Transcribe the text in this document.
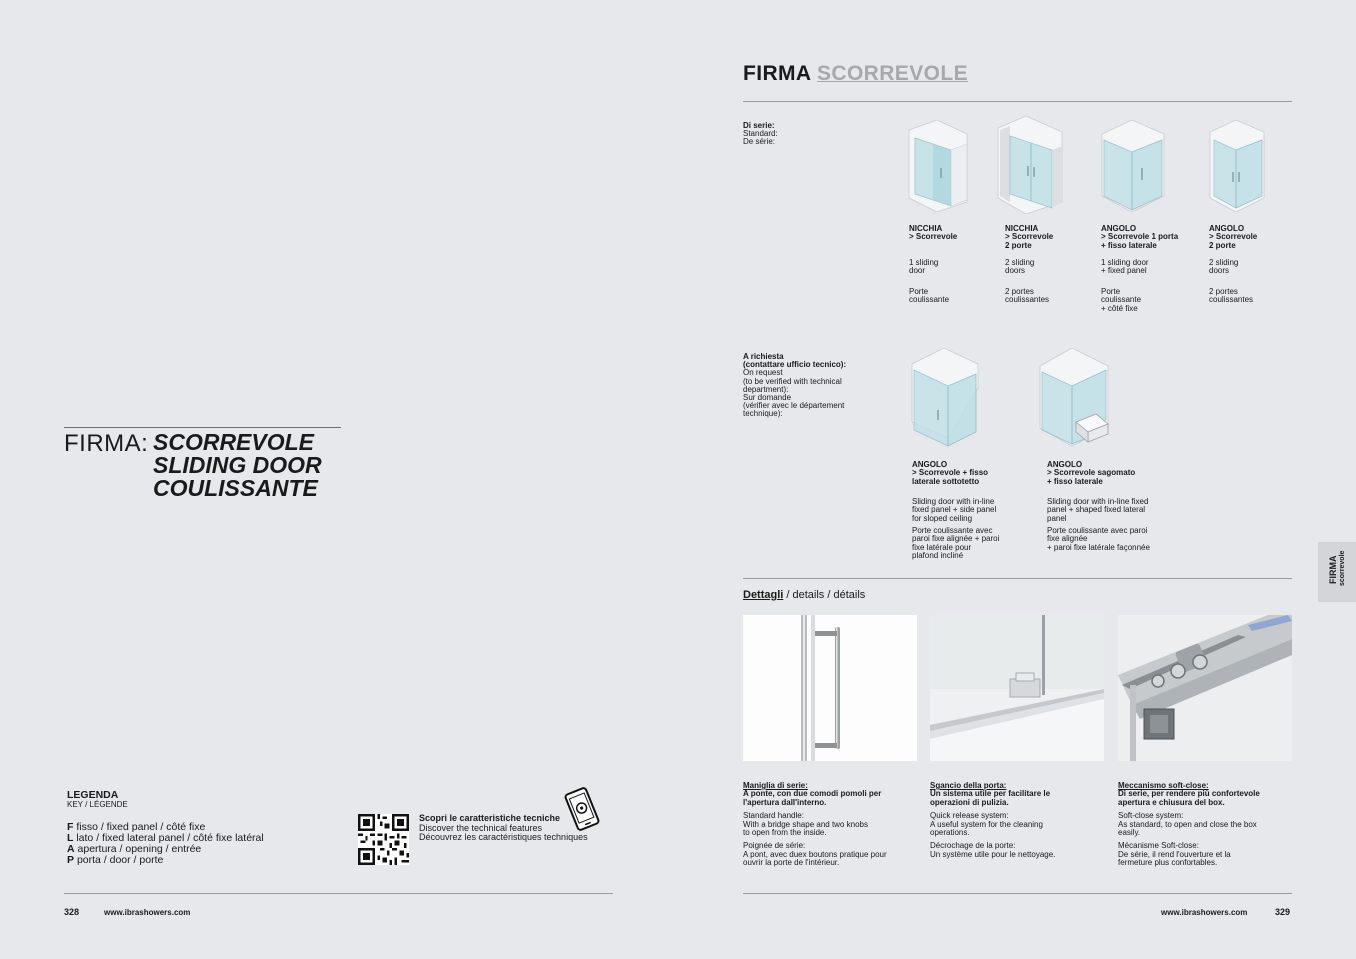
FIRMA: SCORREVOLE
SLIDING DOOR
COULISSANTE
LEGENDA
KEY / LÉGENDE
F fisso / fixed panel / côté fixe
L lato / fixed lateral panel / côté fixe latéral
A apertura / opening / entrée
P porta / door / porte
Scopri le caratteristiche tecniche
Discover the technical features
Découvrez les caractéristiques techniques
328	www.ibrashowers.com
FIRMA SCORREVOLE
Di serie:
Standard:
De série:
NICCHIA
> Scorrevole
1 sliding
door
Porte
coulissante
NICCHIA
> Scorrevole
2 porte
2 sliding
doors
2 portes
coulissantes
ANGOLO
> Scorrevole 1 porta
+ fisso laterale
1 sliding door
+ fixed panel
Porte
coulissante
+ côté fixe
ANGOLO
> Scorrevole
2 porte
2 sliding
doors
2 portes
coulissantes
A richiesta
(contattare ufficio tecnico):
On request
(to be verified with technical
department):
Sur domande
(vérifier avec le département
technique):
ANGOLO
> Scorrevole + fisso
laterale sottotetto
Sliding door with in-line
fixed panel + side panel
for sloped ceiling
Porte coulissante avec
paroi fixe alignée + paroi
fixe latérale pour
plafond incliné
ANGOLO
> Scorrevole sagomato
+ fisso laterale
Sliding door with in-line fixed
panel + shaped fixed lateral
panel
Porte coulissante avec paroi
fixe alignée
+ paroi fixe latérale façonnée
Dettagli / details / détails
Maniglia di serie:

A ponte, con due comodi pomoli per
l'apertura dall'interno.

Standard handle:
With a bridge shape and two knobs
to open from the inside.

Poignée de série:
A pont, avec duex boutons pratique pour
ouvrir la porte de l'intérieur.

Sgancio della porta:

Un sistema utile per facilitare le
operazioni di pulizia.

Quick release system:
A useful system for the cleaning
operations.

Décrochage de la porte:
Un système utile pour le nettoyage.

Meccanismo soft-close:

Di serie, per rendere più confortevole
apertura e chiusura del box.

Soft-close system:
As standard, to open and close the box
easily.

Mécanisme Soft-close:
De série, il rend l'ouverture et la
fermeture plus confortables.

FIRMA scorrevole
www.ibrashowers.com	329
